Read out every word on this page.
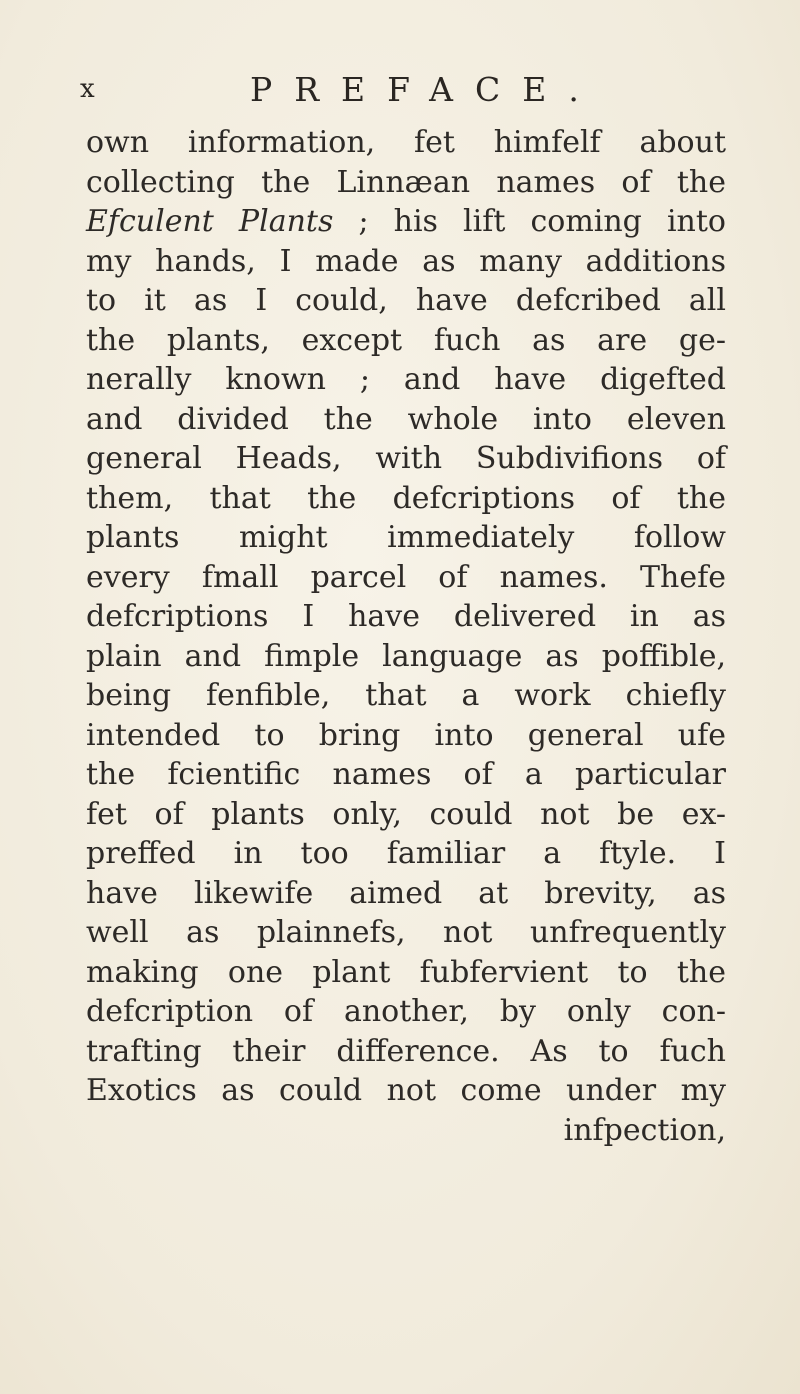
x	PREFACE.
own information, fet himfelf about
collecting the Linnæan names of the
Efculent Plants ; his lift coming into
my hands, I made as many additions
to it as I could, have defcribed all
the plants, except fuch as are ge-
nerally known ; and have digefted
and divided the whole into eleven
general Heads, with Subdivifions of
them, that the defcriptions of the
plants might immediately follow
every fmall parcel of names. Thefe
defcriptions I have delivered in as
plain and fimple language as poffible,
being fenfible, that a work chiefly
intended to bring into general ufe
the fcientific names of a particular
fet of plants only, could not be ex-
preffed in too familiar a ftyle. I
have likewife aimed at brevity, as
well as plainnefs, not unfrequently
making one plant fubfervient to the
defcription of another, by only con-
trafting their difference. As to fuch
Exotics as could not come under my
infpection,
